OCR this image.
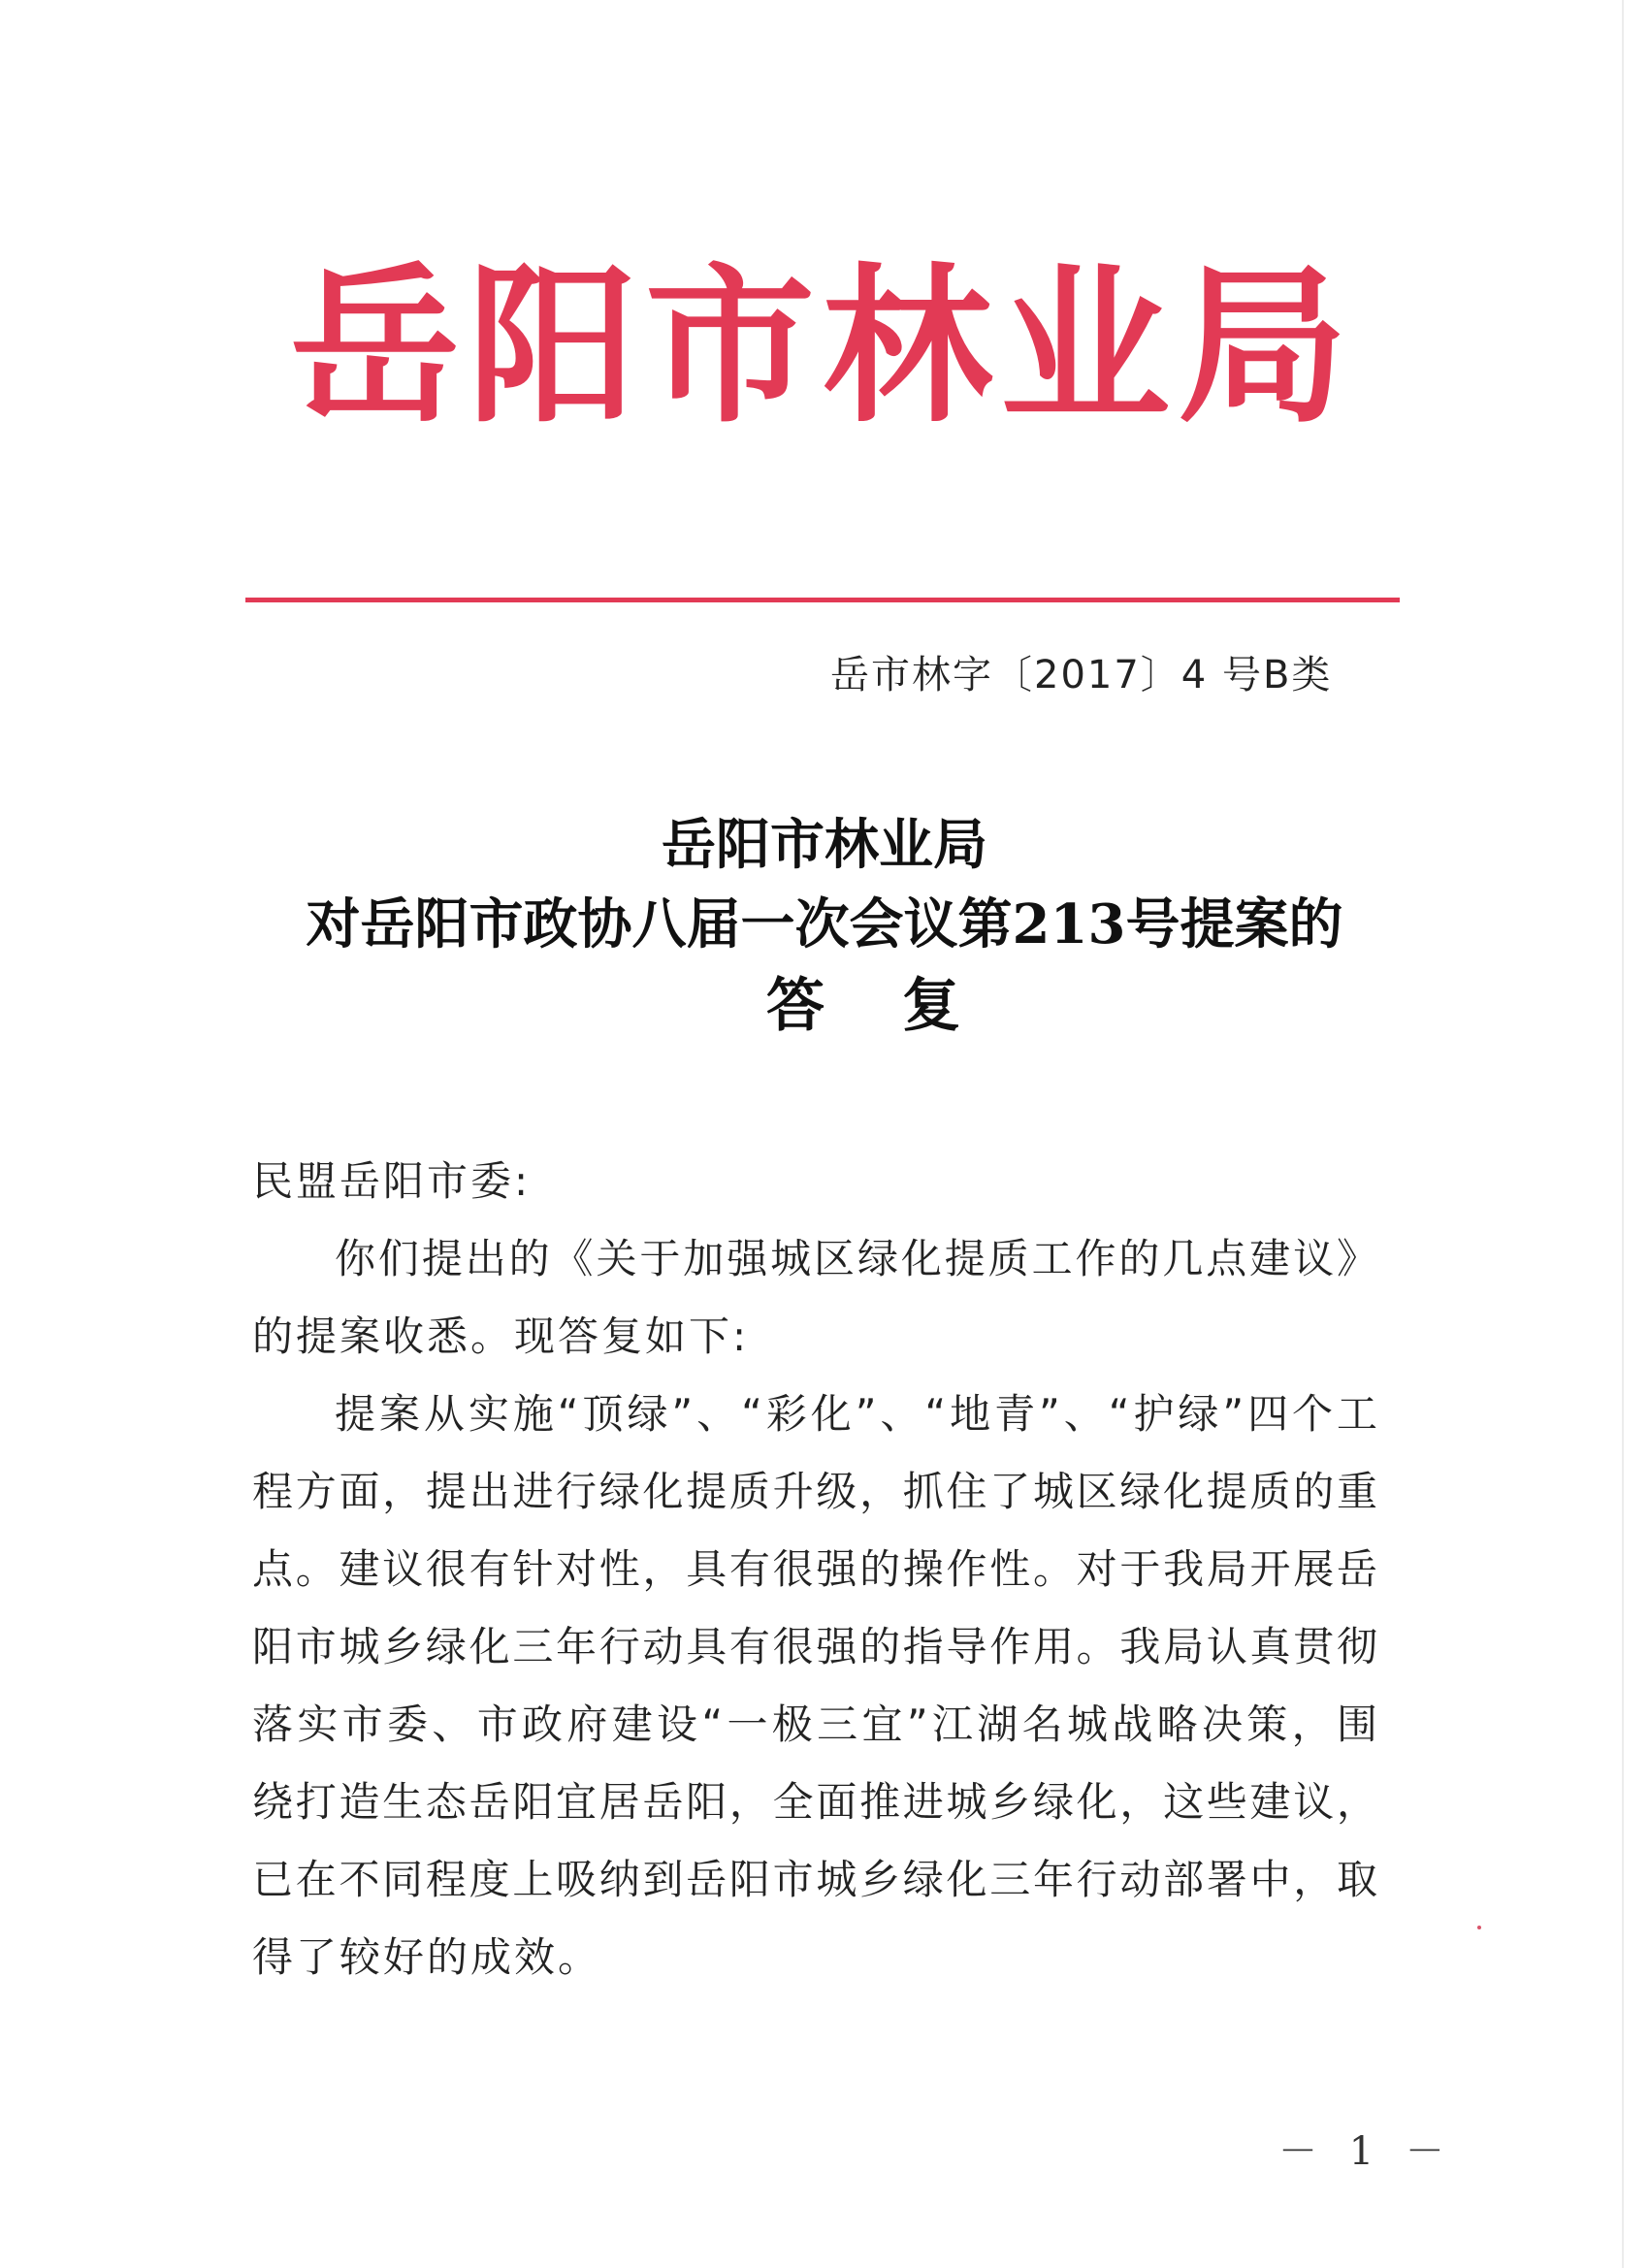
岳阳市林业局
岳市林字〔2017〕4 号B类
岳阳市林业局
对岳阳市政协八届一次会议第213号提案的
答复
民盟岳阳市委:
你们提出的《关于加强城区绿化提质工作的几点建议》
的提案收悉。现答复如下:
提案从实施“顶绿”、“彩化”、“地青”、“护绿”四个工
程方面，提出进行绿化提质升级，抓住了城区绿化提质的重
点。建议很有针对性，具有很强的操作性。对于我局开展岳
阳市城乡绿化三年行动具有很强的指导作用。我局认真贯彻
落实市委、市政府建设“一极三宜”江湖名城战略决策，围
绕打造生态岳阳宜居岳阳，全面推进城乡绿化，这些建议，
已在不同程度上吸纳到岳阳市城乡绿化三年行动部署中，取
得了较好的成效。
－ 1 －
